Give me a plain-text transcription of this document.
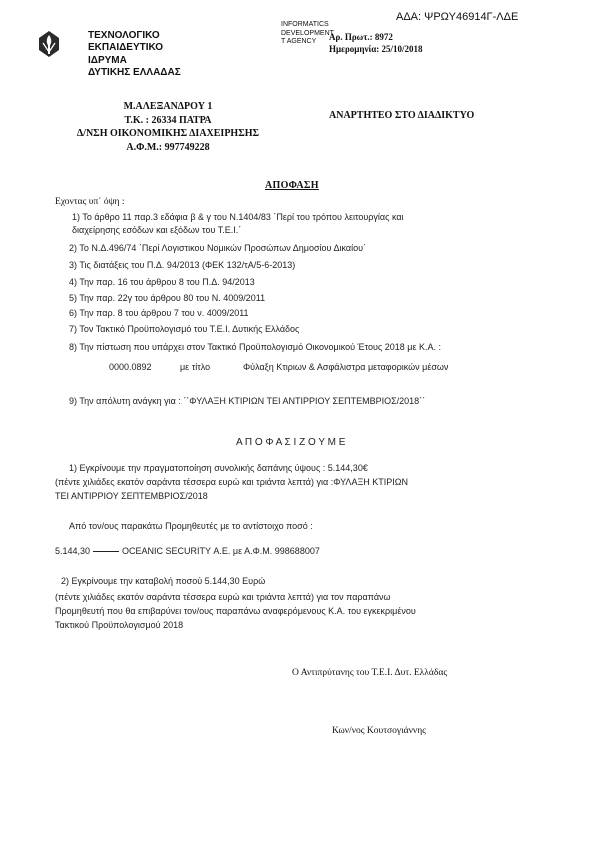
ΑΔΑ: ΨΡΩΥ46914Γ-ΛΔΕ
ΤΕΧΝΟΛΟΓΙΚΟ
ΕΚΠΑΙΔΕΥΤΙΚΟ
ΙΔΡΥΜΑ
ΔΥΤΙΚΗΣ ΕΛΛΑΔΑΣ
INFORMATICS
DEVELOPMENT
T AGENCY	Αρ. Πρωτ.: 8972
Ημερομηνία: 25/10/2018
Μ.ΑΛΕΞΑΝΔΡΟΥ 1
Τ.Κ. : 26334 ΠΑΤΡΑ
Δ/ΝΣΗ ΟΙΚΟΝΟΜΙΚΗΣ ΔΙΑΧΕΙΡΗΣΗΣ
Α.Φ.Μ.: 997749228
ΑΝΑΡΤΗΤΕΟ ΣΤΟ ΔΙΑΔΙΚΤΥΟ
ΑΠΟΦΑΣΗ
Εχοντας υπ΄ όψη :
1) Το άρθρο 11 παρ.3 εδάφια β & γ του Ν.1404/83 ΄Περί του τρόπου λειτουργίας και
διαχείρησης εσόδων και εξόδων του Τ.Ε.Ι.΄
2) Το Ν.Δ.496/74 ΄Περί Λογιστικου Νομικών Προσώπων Δημοσίου Δικαίου΄
3) Τις διατάξεις του Π.Δ. 94/2013 (ΦΕΚ 132/τΑ/5-6-2013)
4) Την παρ. 16 του άρθρου 8 του Π.Δ. 94/2013
5) Την παρ. 22γ του άρθρου 80 του Ν. 4009/2011
6) Την παρ. 8 του άρθρου 7 του ν. 4009/2011
7) Τον Τακτικό Προϋπολογισμό του Τ.Ε.Ι. Δυτικής Ελλάδος
8) Την πίστωση που υπάρχει στον Τακτικό Προϋπολογισμό Οικονομικού Έτους 2018 με Κ.Α. :
0000.0892	με τίτλο	Φύλαξη Κτιριων & Ασφάλιστρα μεταφορικών μέσων
9) Την απόλυτη ανάγκη για : ΄΄ΦΥΛΑΞΗ ΚΤΙΡΙΩΝ ΤΕΙ ΑΝΤΙΡΡΙΟΥ ΣΕΠΤΕΜΒΡΙΟΣ/2018΄΄
Α Π Ο Φ Α Σ Ι Ζ Ο Υ Μ Ε
1) Εγκρίνουμε την πραγματοποίηση συνολικής δαπάνης ύψους : 5.144,30€
(πέντε χιλιάδες εκατόν σαράντα τέσσερα ευρώ και τριάντα λεπτά) για :ΦΥΛΑΞΗ ΚΤΙΡΙΩΝ
ΤΕΙ ΑΝΤΙΡΡΙΟΥ ΣΕΠΤΕΜΒΡΙΟΣ/2018
Από τον/ους παρακάτω Προμηθευτές με το αντίστοιχο ποσό :
5.144,30	OCEANIC SECURITY Α.Ε. με Α.Φ.Μ. 998688007
2) Εγκρίνουμε την καταβολή ποσού 5.144,30 Ευρώ
(πέντε χιλιάδες εκατόν σαράντα τέσσερα ευρώ και τριάντα λεπτά) για τον παραπάνω
Προμηθευτή που θα επιβαρύνει τον/ους παραπάνω αναφερόμενους Κ.Α. του εγκεκριμένου
Τακτικού Προϋπολογισμού 2018
Ο Αντιπρύτανης του Τ.Ε.Ι. Δυτ. Ελλάδας
Κων/νος Κουτσογιάννης
